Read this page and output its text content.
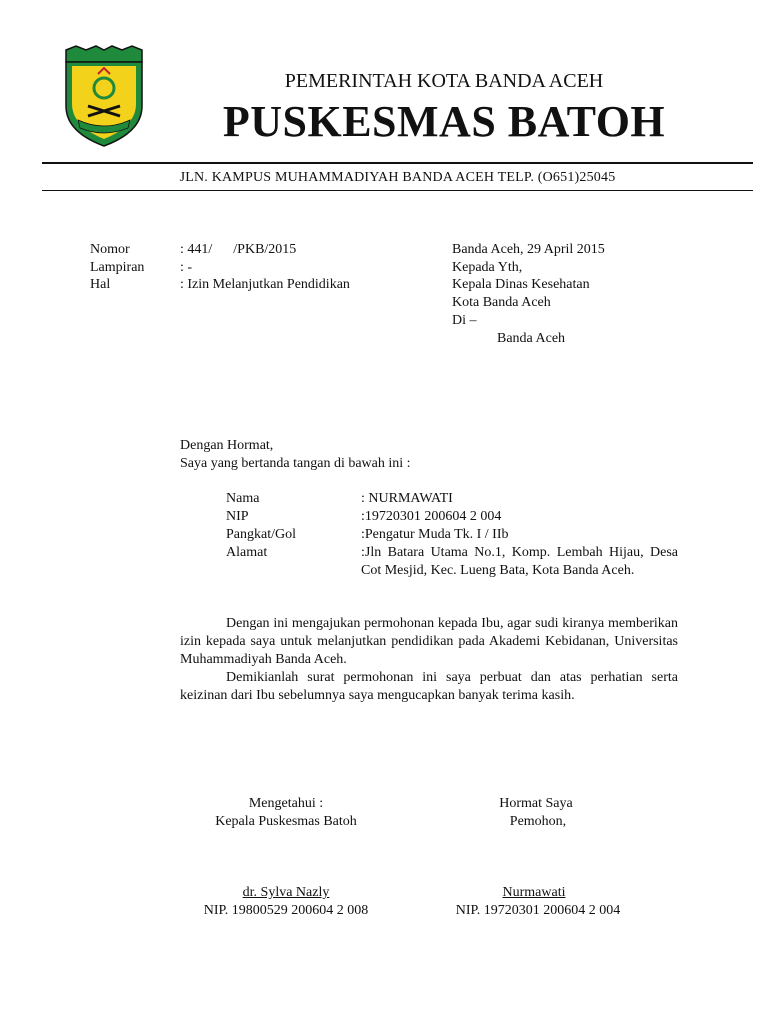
PEMERINTAH KOTA BANDA ACEH
PUSKESMAS BATOH
JLN. KAMPUS MUHAMMADIYAH BANDA ACEH TELP. (O651)25045
Nomor	: 441/      /PKB/2015
Lampiran	: -
Hal	: Izin Melanjutkan Pendidikan
Banda Aceh, 29 April 2015
Kepada Yth,
Kepala Dinas Kesehatan
Kota Banda Aceh
Di –
Banda Aceh
Dengan Hormat,
Saya yang bertanda tangan di bawah ini :
Nama	: NURMAWATI
NIP	:19720301 200604 2 004
Pangkat/Gol	:Pengatur Muda Tk. I / IIb
Alamat	:Jln Batara Utama No.1, Komp. Lembah Hijau, Desa Cot Mesjid, Kec. Lueng Bata, Kota Banda Aceh.
Dengan ini mengajukan permohonan kepada Ibu, agar sudi kiranya memberikan izin kepada saya untuk melanjutkan pendidikan pada Akademi Kebidanan, Universitas Muhammadiyah Banda Aceh.
Demikianlah surat permohonan ini saya perbuat dan atas perhatian serta keizinan dari Ibu sebelumnya saya mengucapkan banyak terima kasih.
Mengetahui :
Kepala Puskesmas Batoh
dr. Sylva Nazly
NIP. 19800529 200604 2 008
Hormat Saya
Pemohon,
Nurmawati
NIP. 19720301 200604 2 004
